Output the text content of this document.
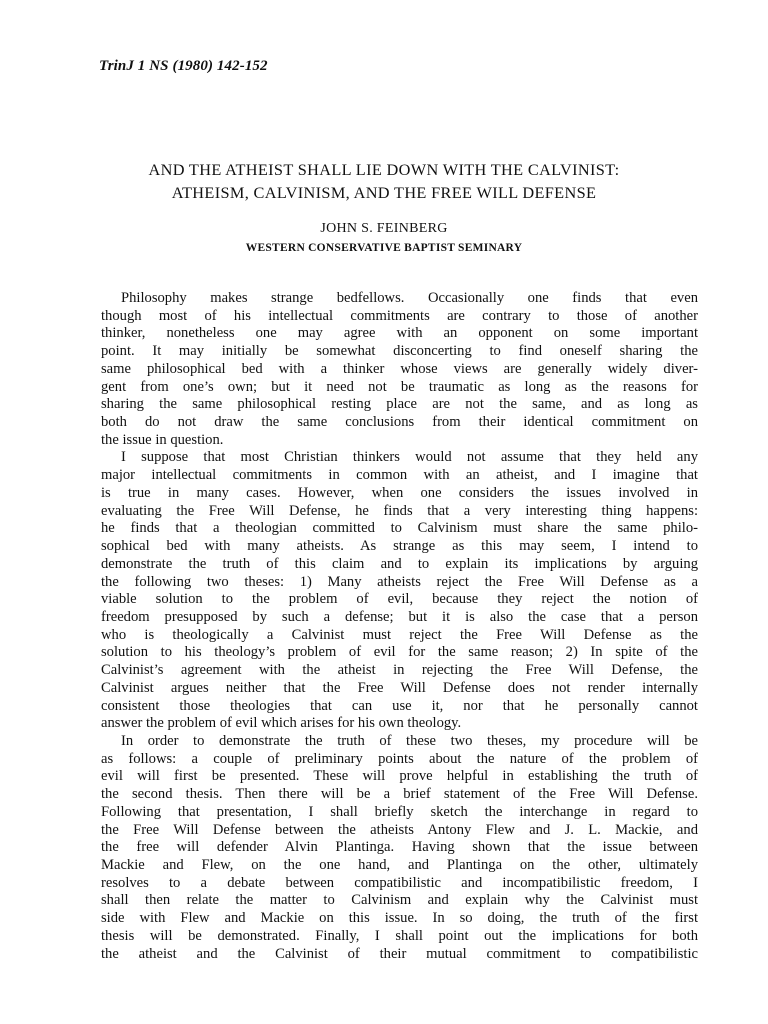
TrinJ 1 NS (1980) 142-152
AND THE ATHEIST SHALL LIE DOWN WITH THE CALVINIST:
ATHEISM, CALVINISM, AND THE FREE WILL DEFENSE
JOHN S. FEINBERG
WESTERN CONSERVATIVE BAPTIST SEMINARY
Philosophy makes strange bedfellows. Occasionally one finds that even
though most of his intellectual commitments are contrary to those of another
thinker, nonetheless one may agree with an opponent on some important
point. It may initially be somewhat disconcerting to find oneself sharing the
same philosophical bed with a thinker whose views are generally widely diver-
gent from one’s own; but it need not be traumatic as long as the reasons for
sharing the same philosophical resting place are not the same, and as long as
both do not draw the same conclusions from their identical commitment on
the issue in question.
I suppose that most Christian thinkers would not assume that they held any
major intellectual commitments in common with an atheist, and I imagine that
is true in many cases. However, when one considers the issues involved in
evaluating the Free Will Defense, he finds that a very interesting thing happens:
he finds that a theologian committed to Calvinism must share the same philo-
sophical bed with many atheists. As strange as this may seem, I intend to
demonstrate the truth of this claim and to explain its implications by arguing
the following two theses: 1) Many atheists reject the Free Will Defense as a
viable solution to the problem of evil, because they reject the notion of
freedom presupposed by such a defense; but it is also the case that a person
who is theologically a Calvinist must reject the Free Will Defense as the
solution to his theology’s problem of evil for the same reason; 2) In spite of the
Calvinist’s agreement with the atheist in rejecting the Free Will Defense, the
Calvinist argues neither that the Free Will Defense does not render internally
consistent those theologies that can use it, nor that he personally cannot
answer the problem of evil which arises for his own theology.
In order to demonstrate the truth of these two theses, my procedure will be
as follows: a couple of preliminary points about the nature of the problem of
evil will first be presented. These will prove helpful in establishing the truth of
the second thesis. Then there will be a brief statement of the Free Will Defense.
Following that presentation, I shall briefly sketch the interchange in regard to
the Free Will Defense between the atheists Antony Flew and J. L. Mackie, and
the free will defender Alvin Plantinga. Having shown that the issue between
Mackie and Flew, on the one hand, and Plantinga on the other, ultimately
resolves to a debate between compatibilistic and incompatibilistic freedom, I
shall then relate the matter to Calvinism and explain why the Calvinist must
side with Flew and Mackie on this issue. In so doing, the truth of the first
thesis will be demonstrated. Finally, I shall point out the implications for both
the atheist and the Calvinist of their mutual commitment to compatibilistic
